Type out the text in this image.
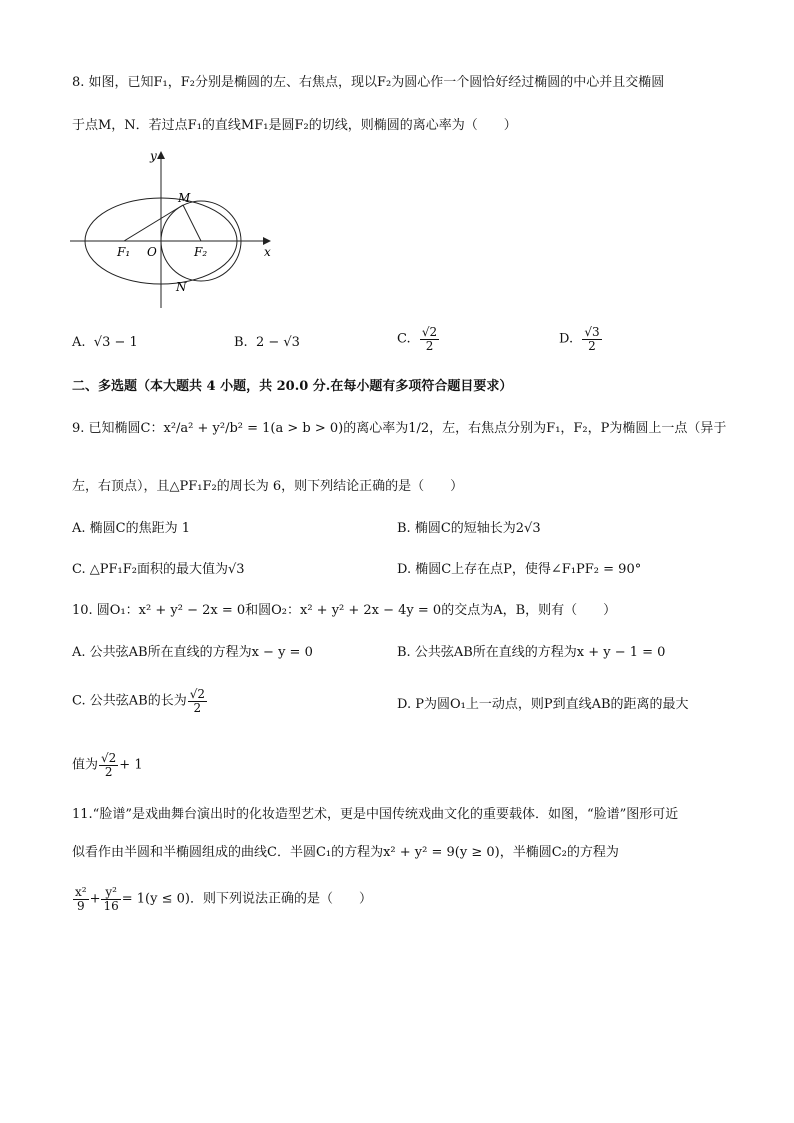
8. 如图，已知F₁，F₂分别是椭圆的左、右焦点，现以F₂为圆心作一个圆恰好经过椭圆的中心并且交椭圆
于点M，N．若过点F₁的直线MF₁是圆F₂的切线，则椭圆的离心率为（　　）
y
x
O
M
N
F₁	F₂
A. √3 − 1	B. 2 − √3	C. $\frac{√2}{2}$	D. $\frac{√3}{2}$
二、多选题（本大题共 4 小题，共 20.0 分.在每小题有多项符合题目要求）
9. 已知椭圆C：x²/a² + y²/b² = 1(a > b > 0)的离心率为1/2，左，右焦点分别为F₁，F₂，P为椭圆上一点（异于
左，右顶点），且△PF₁F₂的周长为 6，则下列结论正确的是（　　）
A. 椭圆C的焦距为 1	B. 椭圆C的短轴长为2√3
C. △PF₁F₂面积的最大值为√3	D. 椭圆C上存在点P，使得∠F₁PF₂ = 90°
10. 圆O₁：x² + y² − 2x = 0和圆O₂：x² + y² + 2x − 4y = 0的交点为A，B，则有（　　）
A. 公共弦AB所在直线的方程为x − y = 0	B. 公共弦AB所在直线的方程为x + y − 1 = 0
C. 公共弦AB的长为 $\frac{√2}{2}$	D. P为圆O₁上一动点，则P到直线AB的距离的最大
值为 $\frac{√2}{2} + 1$
11.“脸谱”是戏曲舞台演出时的化妆造型艺术，更是中国传统戏曲文化的重要载体．如图，“脸谱”图形可近
似看作由半圆和半椭圆组成的曲线C．半圆C₁的方程为x² + y² = 9(y ≥ 0)，半椭圆C₂的方程为
$\frac{\text{x²}}{9} + \frac{\text{y²}}{16} = 1(y \le 0)$．则下列说法正确的是（　　）
